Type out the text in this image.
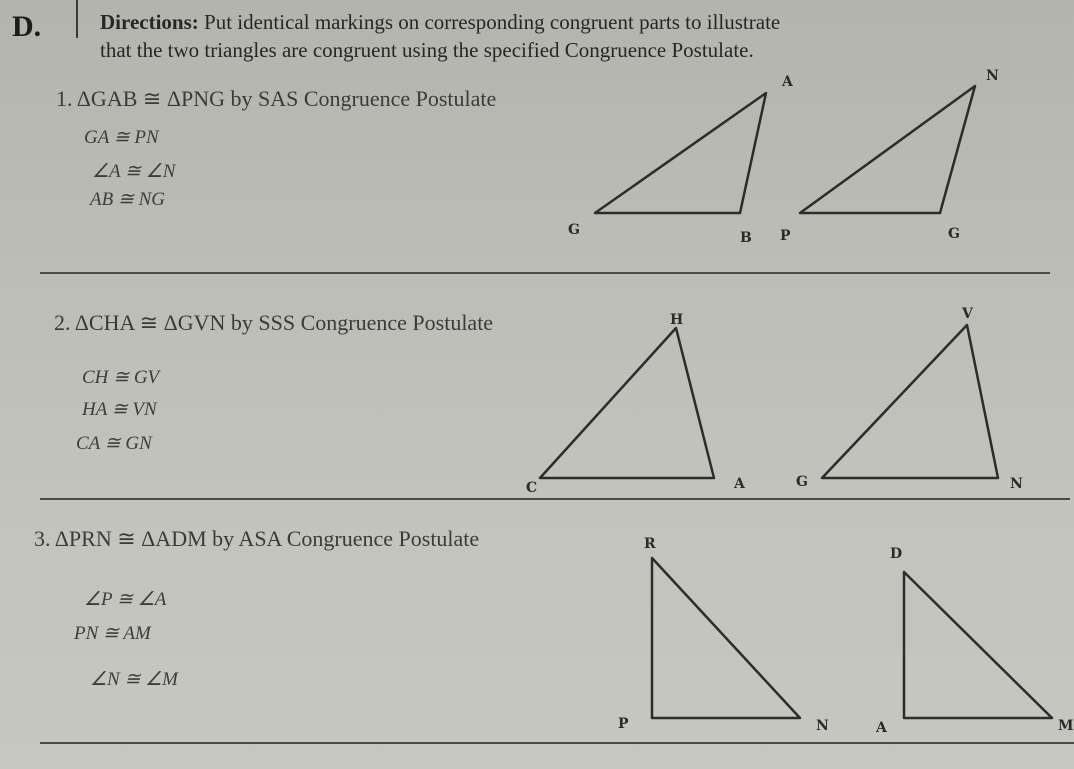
D.	Directions: Put identical markings on corresponding congruent parts to illustrate
that the two triangles are congruent using the specified Congruence Postulate.
1. ΔGAB ≅ ΔPNG by SAS Congruence Postulate
GA ≅ PN
∠A ≅ ∠N
AB ≅ NG
2. ΔCHA ≅ ΔGVN by SSS Congruence Postulate
CH ≅ GV
HA ≅ VN
CA ≅ GN
3. ΔPRN ≅ ΔADM by ASA Congruence Postulate
∠P ≅ ∠A
PN ≅ AM
∠N ≅ ∠M
A
G	B
N
P	G
H
C	A
V
G	N
R
P	N
D
A	M
